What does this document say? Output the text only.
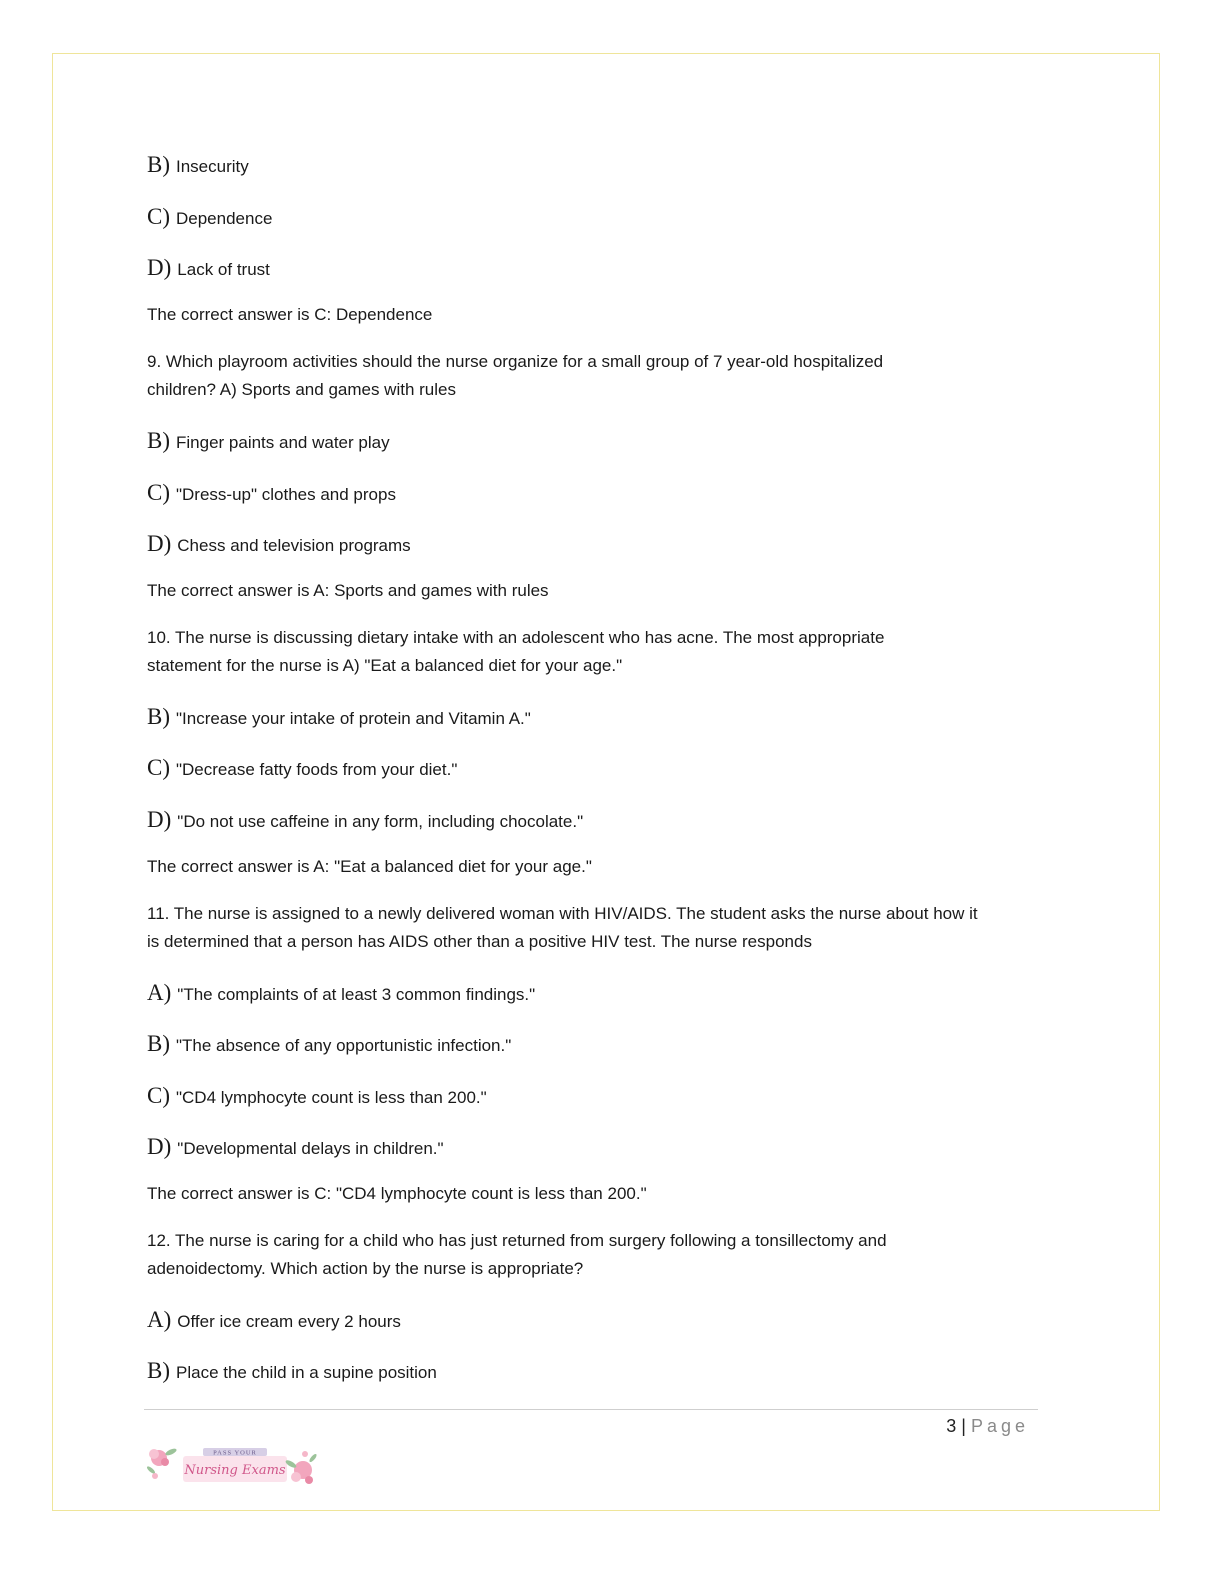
B) Insecurity
C) Dependence
D) Lack of trust
The correct answer is C: Dependence
9. Which playroom activities should the nurse organize for a small group of 7 year-old hospitalized
children? A) Sports and games with rules
B) Finger paints and water play
C) "Dress-up" clothes and props
D) Chess and television programs
The correct answer is A: Sports and games with rules
10. The nurse is discussing dietary intake with an adolescent who has acne. The most appropriate
statement for the nurse is A) "Eat a balanced diet for your age."
B) "Increase your intake of protein and Vitamin A."
C) "Decrease fatty foods from your diet."
D) "Do not use caffeine in any form, including chocolate."
The correct answer is A: "Eat a balanced diet for your age."
11. The nurse is assigned to a newly delivered woman with HIV/AIDS. The student asks the nurse about how it
is determined that a person has AIDS other than a positive HIV test. The nurse responds
A) "The complaints of at least 3 common findings."
B) "The absence of any opportunistic infection."
C) "CD4 lymphocyte count is less than 200."
D) "Developmental delays in children."
The correct answer is C: "CD4 lymphocyte count is less than 200."
12. The nurse is caring for a child who has just returned from surgery following a tonsillectomy and
adenoidectomy. Which action by the nurse is appropriate?
A) Offer ice cream every 2 hours
B) Place the child in a supine position
3 | Page
PASS YOUR
Nursing Exams
